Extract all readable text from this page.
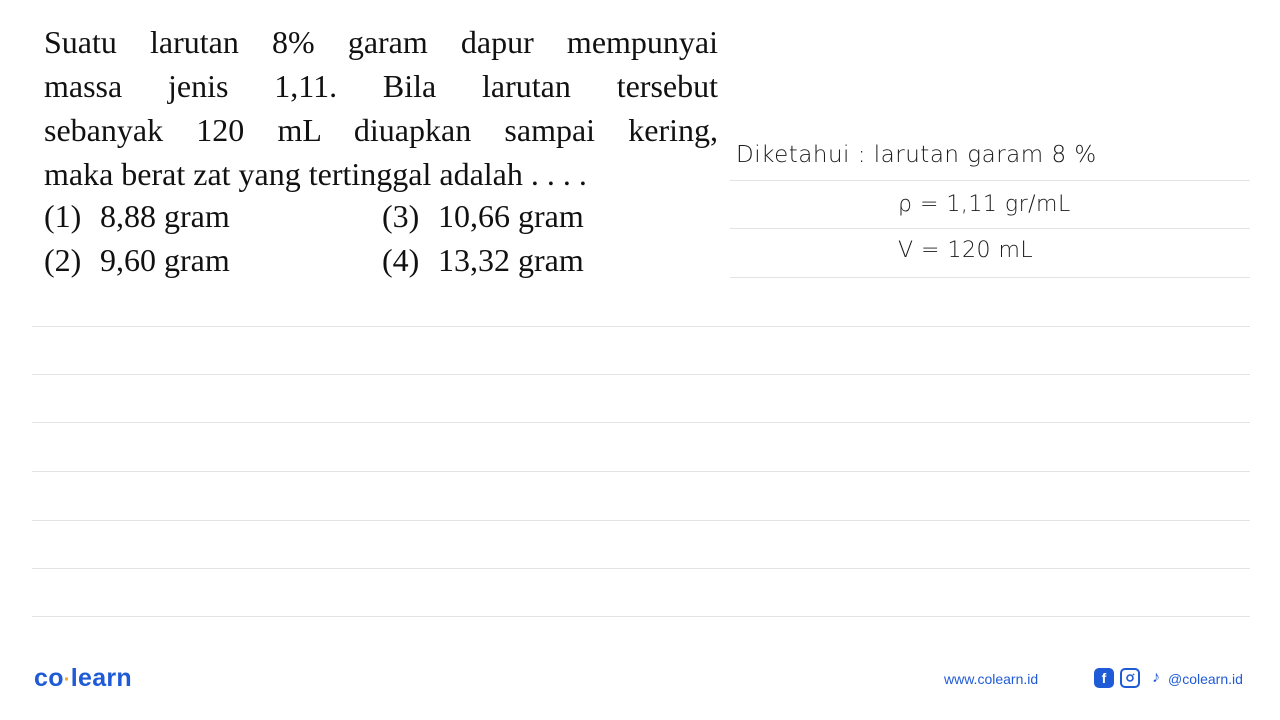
Suatu larutan 8% garam dapur mempunyai
massa jenis 1,11. Bila larutan tersebut
sebanyak 120 mL diuapkan sampai kering,
maka berat zat yang tertinggal adalah . . . .
(1) 8,88 gram
(2) 9,60 gram
(3) 10,66 gram
(4) 13,32 gram
Diketahui : larutan garam 8 %
ρ = 1,11 gr/mL
V = 120 mL
co·learn	www.colearn.id	f	♪ @colearn.id
